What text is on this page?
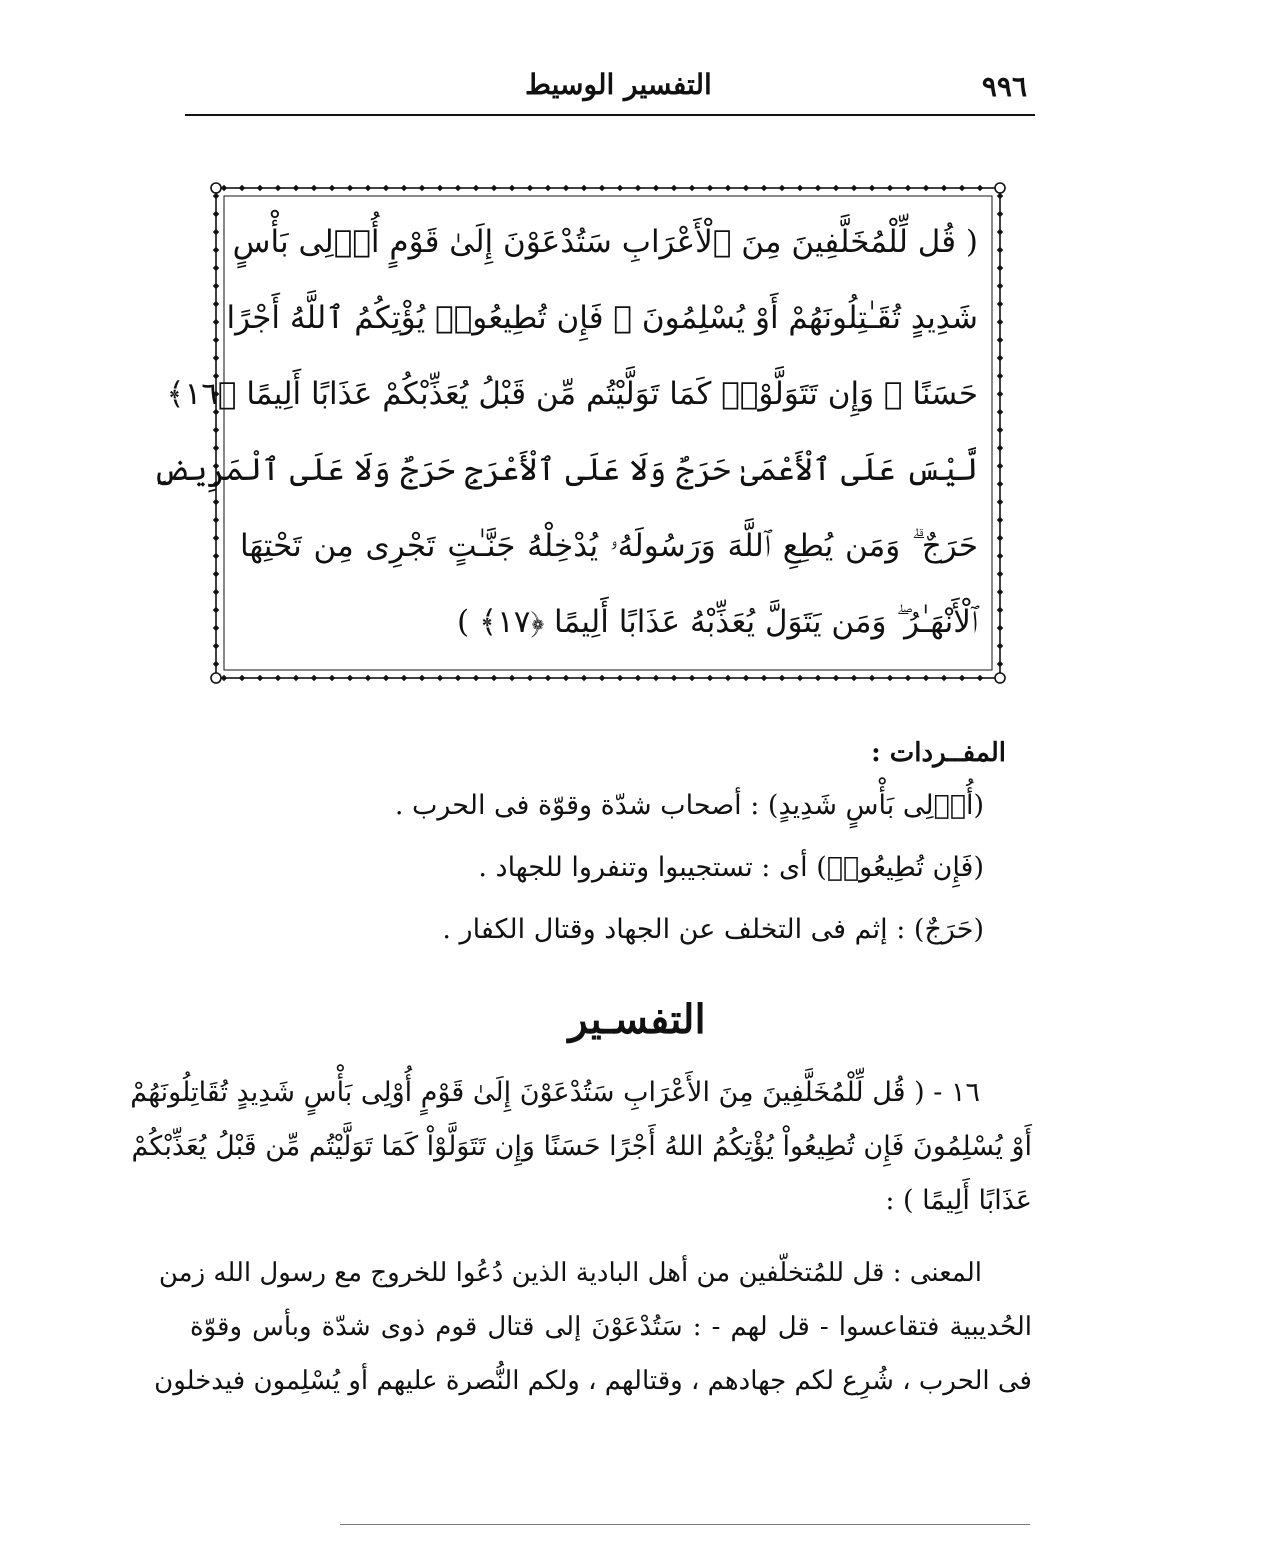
٩٩٦
التفسير الوسيط
( قُل لِّلْمُخَلَّفِينَ مِنَ ٱلْأَعْرَابِ سَتُدْعَوْنَ إِلَىٰ قَوْمٍ أُو۟لِى بَأْسٍ
شَدِيدٍ تُقَـٰتِلُونَهُمْ أَوْ يُسْلِمُونَ ۖ فَإِن تُطِيعُوا۟ يُؤْتِكُمُ ٱللَّهُ أَجْرًا
حَسَنًا ۖ وَإِن تَتَوَلَّوْا۟ كَمَا تَوَلَّيْتُم مِّن قَبْلُ يُعَذِّبْكُمْ عَذَابًا أَلِيمًا ﴿١٦﴾
لَّيْسَ عَلَى ٱلْأَعْمَىٰ حَرَجٌ وَلَا عَلَى ٱلْأَعْرَجِ حَرَجٌ وَلَا عَلَى ٱلْمَرِيضِ
حَرَجٌ ۗ وَمَن يُطِعِ ٱللَّهَ وَرَسُولَهُۥ يُدْخِلْهُ جَنَّـٰتٍ تَجْرِى مِن تَحْتِهَا
ٱلْأَنْهَـٰرُ ۖ وَمَن يَتَوَلَّ يُعَذِّبْهُ عَذَابًا أَلِيمًا ﴿١٧﴾ )
المفــردات :
(أُو۟لِى بَأْسٍ شَدِيدٍ) : أصحاب شدّة وقوّة فى الحرب .
(فَإِن تُطِيعُوا۟) أى : تستجيبوا وتنفروا للجهاد .
(حَرَجٌ) : إثم فى التخلف عن الجهاد وقتال الكفار .
التفسـير
١٦ - ( قُل لِّلْمُخَلَّفِينَ مِنَ الأَعْرَابِ سَتُدْعَوْنَ إِلَىٰ قَوْمٍ أُوْلِى بَأْسٍ شَدِيدٍ تُقَاتِلُونَهُمْ
أَوْ يُسْلِمُونَ فَإِن تُطِيعُواْ يُؤْتِكُمُ اللهُ أَجْرًا حَسَنًا وَإِن تَتَوَلَّوْاْ كَمَا تَوَلَّيْتُم مِّن قَبْلُ يُعَذِّبْكُمْ
عَذَابًا أَلِيمًا ) :
المعنى : قل للمُتخلّفين من أهل البادية الذين دُعُوا للخروج مع رسول الله زمن
الحُديبية فتقاعسوا - قل لهم - : سَتُدْعَوْنَ إلى قتال قوم ذوى شدّة وبأس وقوّة
فى الحرب ، شُرِع لكم جهادهم ، وقتالهم ، ولكم النُّصرة عليهم أو يُسْلِمون فيدخلون
